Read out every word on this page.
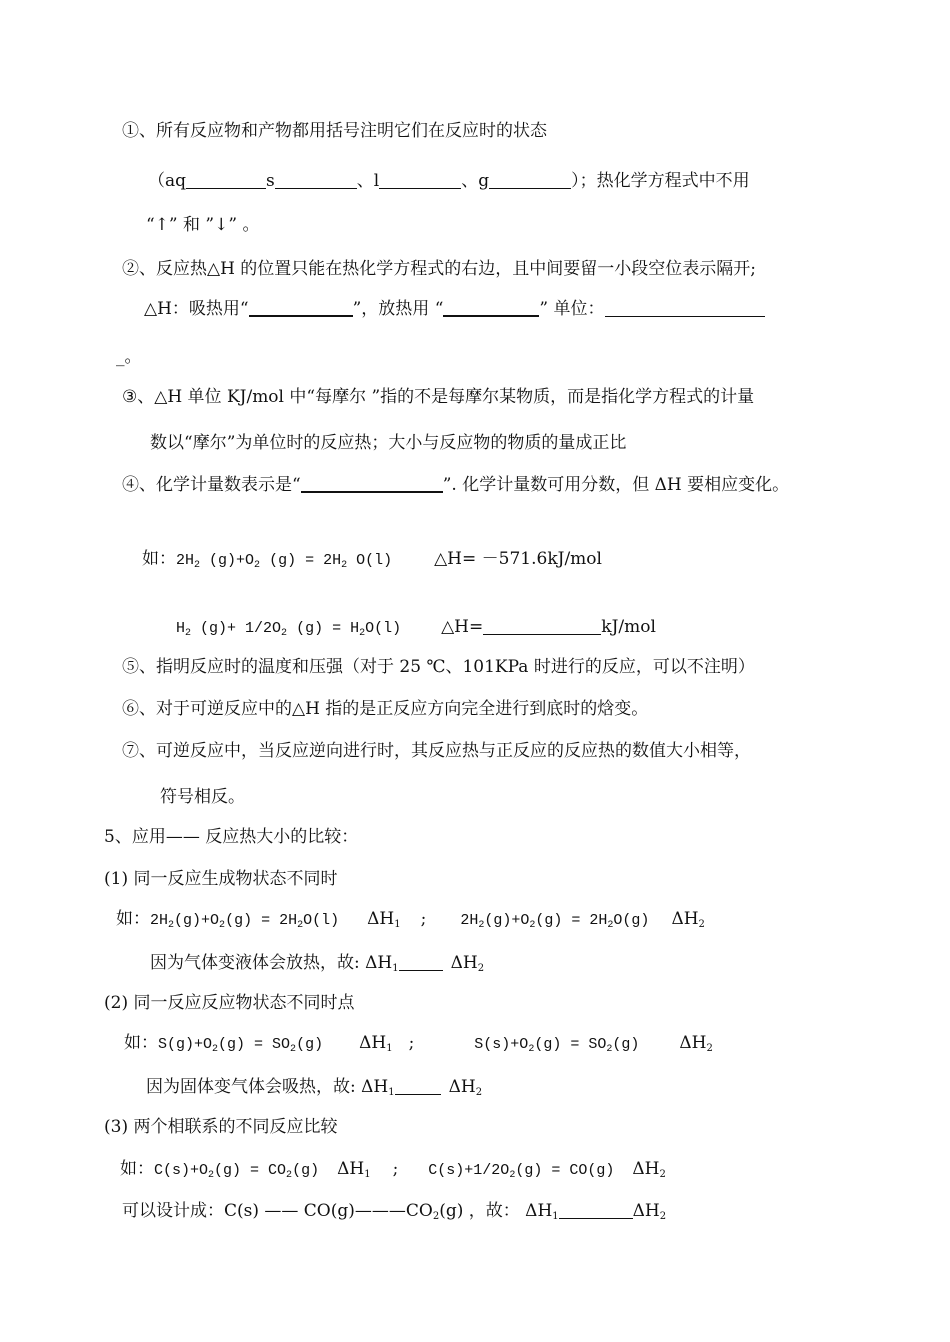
①、所有反应物和产物都用括号注明它们在反应时的状态
（aq	s	、l	、g	）；热化学方程式中不用
“↑” 和 ”↓” 。
②、反应热△H 的位置只能在热化学方程式的右边，且中间要留一小段空位表示隔开;
△H：吸热用“	”，放热用 “	” 单位：
_。
③、△H 单位 KJ/mol 中“每摩尔 ”指的不是每摩尔某物质，而是指化学方程式的计量
数以“摩尔”为单位时的反应热；大小与反应物的物质的量成正比
④、化学计量数表示是“	”. 化学计量数可用分数，但 ΔH 要相应变化。
如：$2H_2$ $(g)+O_2$ $(g) = 2H_2$ O(l) △H= －571.6kJ/mol
$H_2$ $(g)+ 1/2O_2$ $(g) = H_2O(l)$ △H=	kJ/mol
⑤、指明反应时的温度和压强（对于 25 ℃、101KPa 时进行的反应，可以不注明）
⑥、对于可逆反应中的△H 指的是正反应方向完全进行到底时的焓变。
⑦、可逆反应中，当反应逆向进行时，其反应热与正反应的反应热的数值大小相等，
符号相反。
5、应用—— 反应热大小的比较：
(1) 同一反应生成物状态不同时
如：$2H_2(g)+O_2(g) = 2H_2O(l)$ $\Delta H_1$ ; $2H_2(g)+O_2(g) = 2H_2O(g)$ $\Delta H_2$
因为气体变液体会放热，故: $\Delta H_1$	$\Delta H_2$
(2) 同一反应反应物状态不同时点
如：$S(g)+O_2(g) = SO_2(g)$ $\Delta H_1$ ;	$S(s)+O_2(g) = SO_2(g)$ $\Delta H_2$
因为固体变气体会吸热，故: $\Delta H_1$	$\Delta H_2$
(3) 两个相联系的不同反应比较
如：$C(s)+O_2(g) = CO_2(g)$ $\Delta H_1$ ; $C(s)+1/2O_2(g) = CO(g)$ $\Delta H_2$
可以设计成：C(s) —— $CO(g)———CO_2(g)$ ，故： $\Delta H_1$	$\Delta H_2$
